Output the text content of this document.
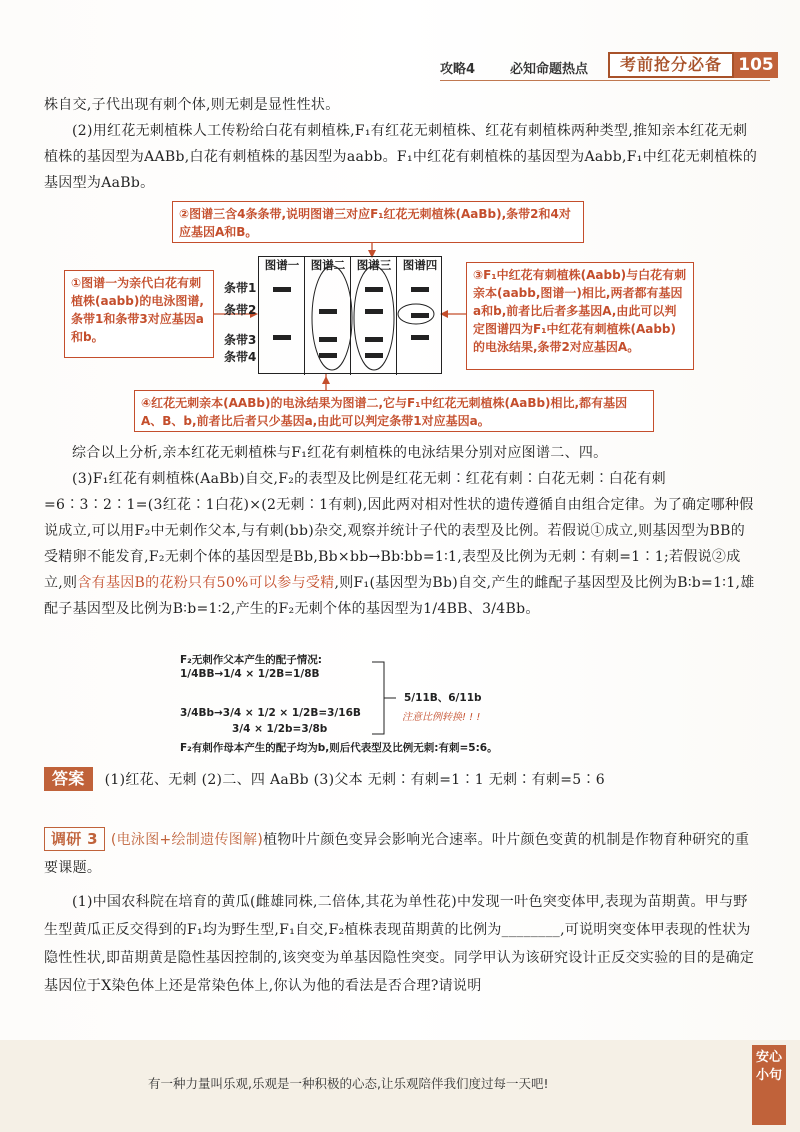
攻略4	必知命题热点	考前抢分必备 105
株自交,子代出现有刺个体,则无刺是显性性状。
(2)用红花无刺植株人工传粉给白花有刺植株,F₁有红花无刺植株、红花有刺植株两种类型,推知亲本红花无刺植株的基因型为AABb,白花有刺植株的基因型为aabb。F₁中红花有刺植株的基因型为Aabb,F₁中红花无刺植株的基因型为AaBb。
②图谱三含4条条带,说明图谱三对应F₁红花无刺植株(AaBb),条带2和4对应基因A和B。
①图谱一为亲代白花有刺植株(aabb)的电泳图谱,条带1和条带3对应基因a和b。
③F₁中红花有刺植株(Aabb)与白花有刺亲本(aabb,图谱一)相比,两者都有基因a和b,前者比后者多基因A,由此可以判定图谱四为F₁中红花有刺植株(Aabb)的电泳结果,条带2对应基因A。
④红花无刺亲本(AABb)的电泳结果为图谱二,它与F₁中红花无刺植株(AaBb)相比,都有基因A、B、b,前者比后者只少基因a,由此可以判定条带1对应基因a。
图谱一	图谱二	图谱三	图谱四
条带1
条带2
条带3
条带4
综合以上分析,亲本红花无刺植株与F₁红花有刺植株的电泳结果分别对应图谱二、四。
(3)F₁红花有刺植株(AaBb)自交,F₂的表型及比例是红花无刺∶红花有刺∶白花无刺∶白花有刺=6∶3∶2∶1=(3红花∶1白花)×(2无刺∶1有刺),因此两对相对性状的遗传遵循自由组合定律。为了确定哪种假说成立,可以用F₂中无刺作父本,与有刺(bb)杂交,观察并统计子代的表型及比例。若假说①成立,则基因型为BB的受精卵不能发育,F₂无刺个体的基因型是Bb,Bb×bb→Bb∶bb=1∶1,表型及比例为无刺∶有刺=1∶1;若假说②成立,则含有基因B的花粉只有50%可以参与受精,则F₁(基因型为Bb)自交,产生的雌配子基因型及比例为B∶b=1∶1,雄配子基因型及比例为B∶b=1∶2,产生的F₂无刺个体的基因型为1/4BB、3/4Bb。
F₂无刺作父本产生的配子情况:
1/4BB→1/4 × 1/2B=1/8B
3/4Bb→3/4 × 1/2 × 1/2B=3/16B
3/4 × 1/2b=3/8b
F₂有刺作母本产生的配子均为b,则后代表型及比例无刺:有刺=5:6。
5/11B、6/11b
注意比例转换! ! !
答案 (1)红花、无刺 (2)二、四 AaBb (3)父本 无刺∶有刺=1∶1 无刺∶有刺=5∶6
调研 3 (电泳图+绘制遗传图解)植物叶片颜色变异会影响光合速率。叶片颜色变黄的机制是作物育种研究的重要课题。
(1)中国农科院在培育的黄瓜(雌雄同株,二倍体,其花为单性花)中发现一叶色突变体甲,表现为苗期黄。甲与野生型黄瓜正反交得到的F₁均为野生型,F₁自交,F₂植株表现苗期黄的比例为________,可说明突变体甲表现的性状为隐性性状,即苗期黄是隐性基因控制的,该突变为单基因隐性突变。同学甲认为该研究设计正反交实验的目的是确定基因位于X染色体上还是常染色体上,你认为他的看法是否合理?请说明
有一种力量叫乐观,乐观是一种积极的心态,让乐观陪伴我们度过每一天吧!
安心小句
